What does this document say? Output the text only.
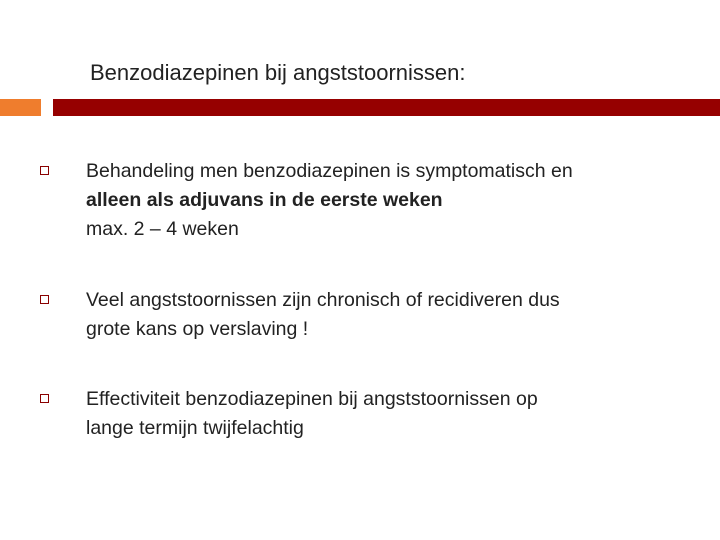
Benzodiazepinen bij angststoornissen:
Behandeling men benzodiazepinen is symptomatisch en
alleen als adjuvans in de eerste weken
max. 2 – 4 weken
Veel angststoornissen zijn chronisch of recidiveren dus
grote kans op verslaving !
Effectiviteit benzodiazepinen bij angststoornissen op
lange termijn twijfelachtig
